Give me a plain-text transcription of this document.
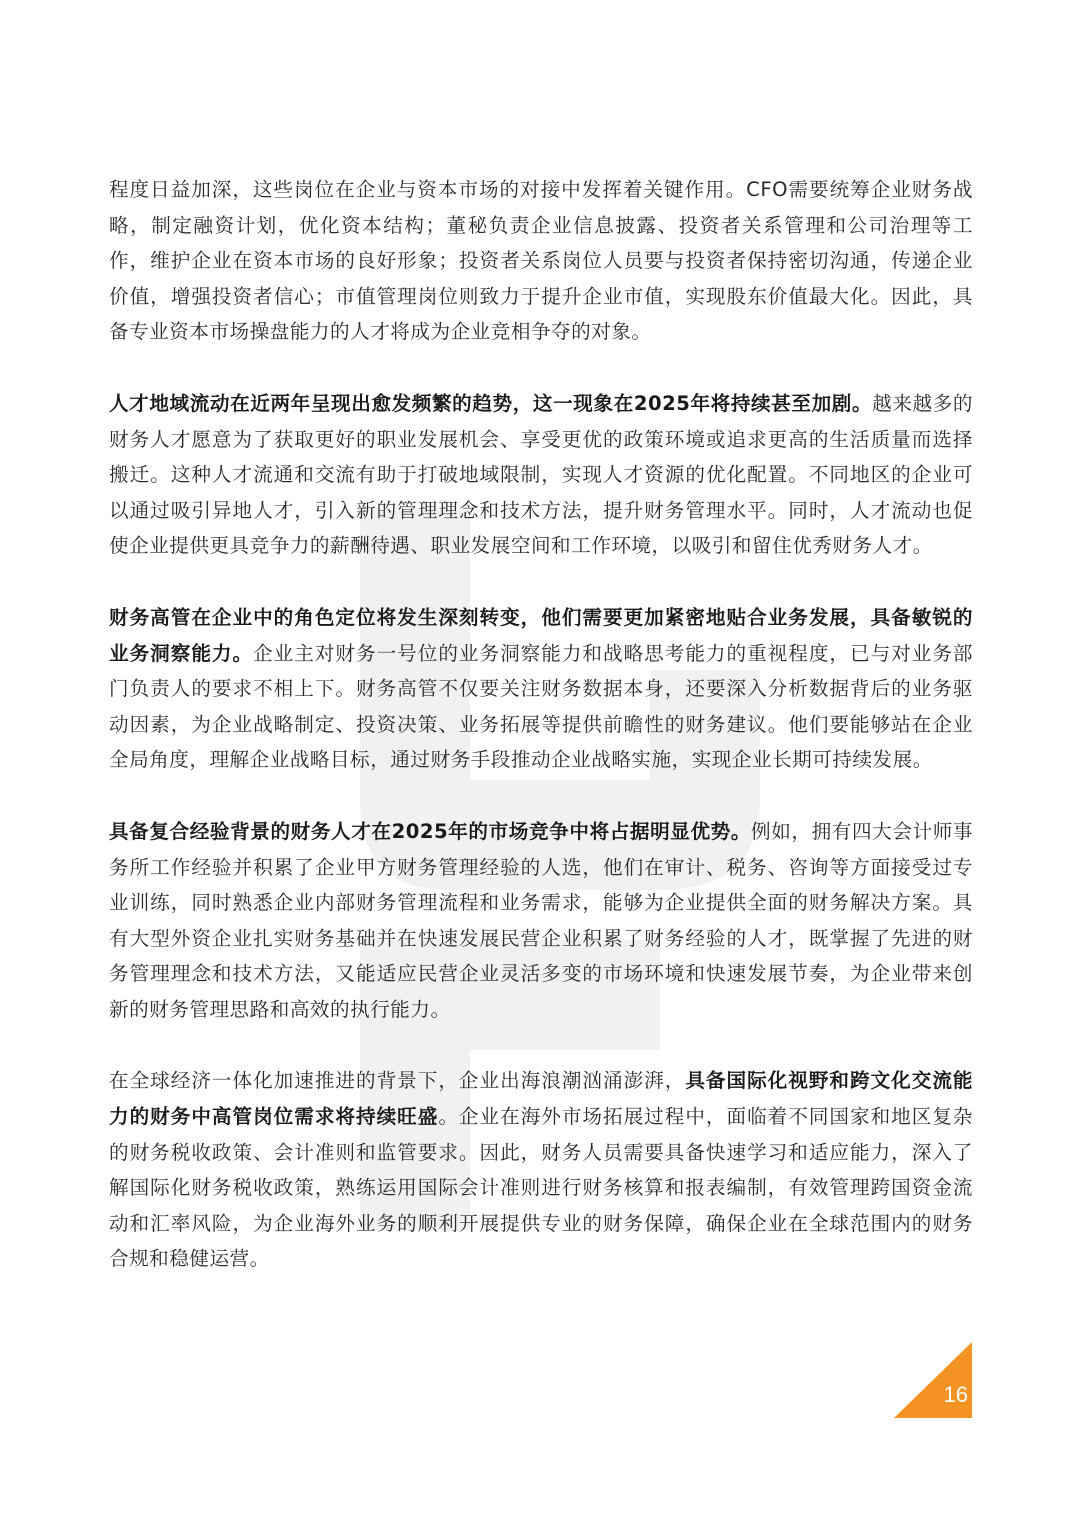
程度日益加深，这些岗位在企业与资本市场的对接中发挥着关键作用。CFO需要统筹企业财务战略，制定融资计划，优化资本结构；董秘负责企业信息披露、投资者关系管理和公司治理等工作，维护企业在资本市场的良好形象；投资者关系岗位人员要与投资者保持密切沟通，传递企业价值，增强投资者信心；市值管理岗位则致力于提升企业市值，实现股东价值最大化。因此，具备专业资本市场操盘能力的人才将成为企业竞相争夺的对象。

人才地域流动在近两年呈现出愈发频繁的趋势，这一现象在2025年将持续甚至加剧。越来越多的财务人才愿意为了获取更好的职业发展机会、享受更优的政策环境或追求更高的生活质量而选择搬迁。这种人才流通和交流有助于打破地域限制，实现人才资源的优化配置。不同地区的企业可以通过吸引异地人才，引入新的管理理念和技术方法，提升财务管理水平。同时，人才流动也促使企业提供更具竞争力的薪酬待遇、职业发展空间和工作环境，以吸引和留住优秀财务人才。

财务高管在企业中的角色定位将发生深刻转变，他们需要更加紧密地贴合业务发展，具备敏锐的业务洞察能力。企业主对财务一号位的业务洞察能力和战略思考能力的重视程度，已与对业务部门负责人的要求不相上下。财务高管不仅要关注财务数据本身，还要深入分析数据背后的业务驱动因素，为企业战略制定、投资决策、业务拓展等提供前瞻性的财务建议。他们要能够站在企业全局角度，理解企业战略目标，通过财务手段推动企业战略实施，实现企业长期可持续发展。

具备复合经验背景的财务人才在2025年的市场竞争中将占据明显优势。例如，拥有四大会计师事务所工作经验并积累了企业甲方财务管理经验的人选，他们在审计、税务、咨询等方面接受过专业训练，同时熟悉企业内部财务管理流程和业务需求，能够为企业提供全面的财务解决方案。具有大型外资企业扎实财务基础并在快速发展民营企业积累了财务经验的人才，既掌握了先进的财务管理理念和技术方法，又能适应民营企业灵活多变的市场环境和快速发展节奏，为企业带来创新的财务管理思路和高效的执行能力。

在全球经济一体化加速推进的背景下，企业出海浪潮汹涌澎湃，具备国际化视野和跨文化交流能力的财务中高管岗位需求将持续旺盛。企业在海外市场拓展过程中，面临着不同国家和地区复杂的财务税收政策、会计准则和监管要求。因此，财务人员需要具备快速学习和适应能力，深入了解国际化财务税收政策，熟练运用国际会计准则进行财务核算和报表编制，有效管理跨国资金流动和汇率风险，为企业海外业务的顺利开展提供专业的财务保障，确保企业在全球范围内的财务合规和稳健运营。

16
